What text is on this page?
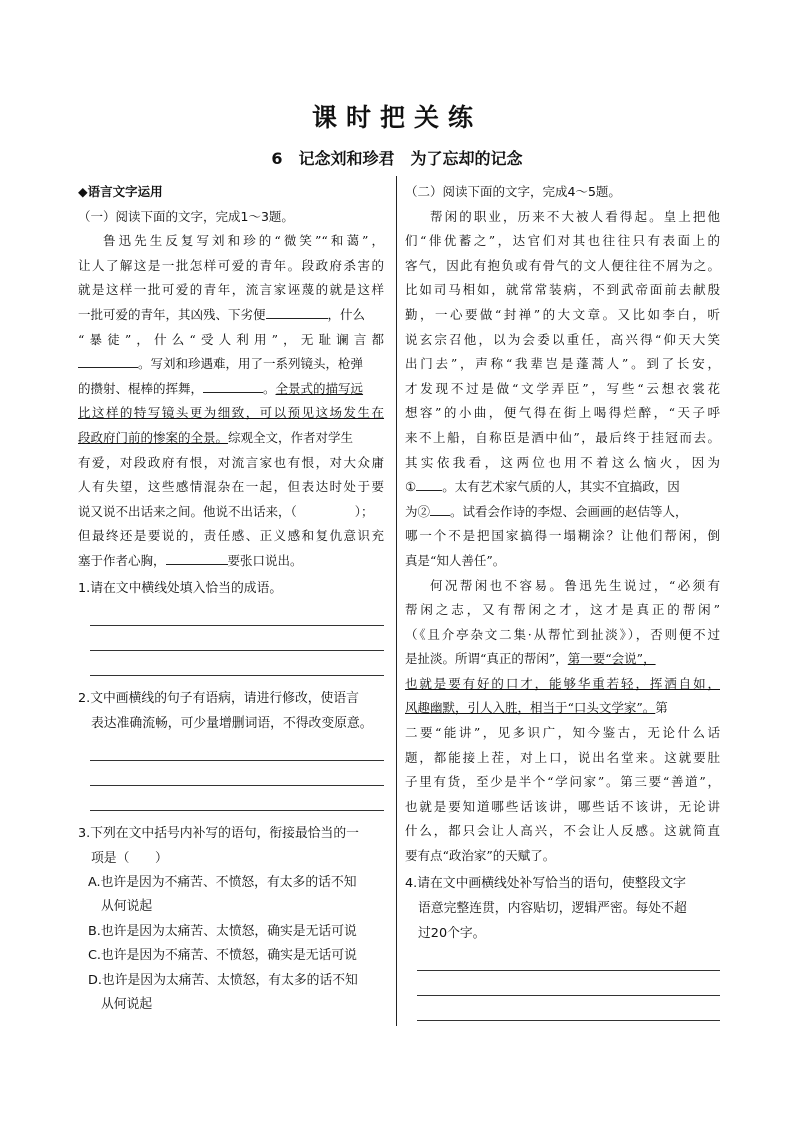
课时把关练
6　记念刘和珍君　为了忘却的记念
◆语言文字运用
（一）阅读下面的文字，完成1～3题。
鲁迅先生反复写刘和珍的“微笑”“和蔼”，
让人了解这是一批怎样可爱的青年。段政府杀害的
就是这样一批可爱的青年，流言家诬蔑的就是这样
一批可爱的青年，其凶残、下劣便	，什么
“暴徒”，什么“受人利用”，无耻谰言都
。写刘和珍遇难，用了一系列镜头，枪弹
的攒射、棍棒的挥舞，	。全景式的描写远
比这样的特写镜头更为细致，可以预见这场发生在
段政府门前的惨案的全景。综观全文，作者对学生
有爱，对段政府有恨，对流言家也有恨，对大众庸
人有失望，这些感情混杂在一起，但表达时处于要
说又说不出话来之间。他说不出话来，（	）；
但最终还是要说的，责任感、正义感和复仇意识充
塞于作者心胸，	要张口说出。
1.请在文中横线处填入恰当的成语。
2.文中画横线的句子有语病，请进行修改，使语言
表达准确流畅，可少量增删词语，不得改变原意。
3.下列在文中括号内补写的语句，衔接最恰当的一
项是（　　）
A.也许是因为不痛苦、不愤怒，有太多的话不知
从何说起
B.也许是因为太痛苦、太愤怒，确实是无话可说
C.也许是因为不痛苦、不愤怒，确实是无话可说
D.也许是因为太痛苦、太愤怒，有太多的话不知
从何说起
（二）阅读下面的文字，完成4～5题。
帮闲的职业，历来不大被人看得起。皇上把他
们“俳优蓄之”，达官们对其也往往只有表面上的
客气，因此有抱负或有骨气的文人便往往不屑为之。
比如司马相如，就常常装病，不到武帝面前去献殷
勤，一心要做“封禅”的大文章。又比如李白，听
说玄宗召他，以为会委以重任，高兴得“仰天大笑
出门去”，声称“我辈岂是蓬蒿人”。到了长安，
才发现不过是做“文学弄臣”，写些“云想衣裳花
想容”的小曲，便气得在街上喝得烂醉，“天子呼
来不上船，自称臣是酒中仙”，最后终于挂冠而去。
其实依我看，这两位也用不着这么恼火，因为
① 。太有艺术家气质的人，其实不宜搞政，因
为② 。试看会作诗的李煜、会画画的赵佶等人，
哪一个不是把国家搞得一塌糊涂？让他们帮闲，倒
真是“知人善任”。
何况帮闲也不容易。鲁迅先生说过，“必须有
帮闲之志，又有帮闲之才，这才是真正的帮闲”
（《且介亭杂文二集·从帮忙到扯淡》），否则便不过
是扯淡。所谓“真正的帮闲”，第一要“会说”，
也就是要有好的口才，能够华重若轻，挥洒自如，
风趣幽默，引人入胜，相当于“口头文学家”。第
二要“能讲”，见多识广，知今鉴古，无论什么话
题，都能接上茬，对上口，说出名堂来。这就要肚
子里有货，至少是半个“学问家”。第三要“善道”，
也就是要知道哪些话该讲，哪些话不该讲，无论讲
什么，都只会让人高兴，不会让人反感。这就简直
要有点“政治家”的天赋了。
4.请在文中画横线处补写恰当的语句，使整段文字
语意完整连贯，内容贴切，逻辑严密。每处不超
过20个字。
